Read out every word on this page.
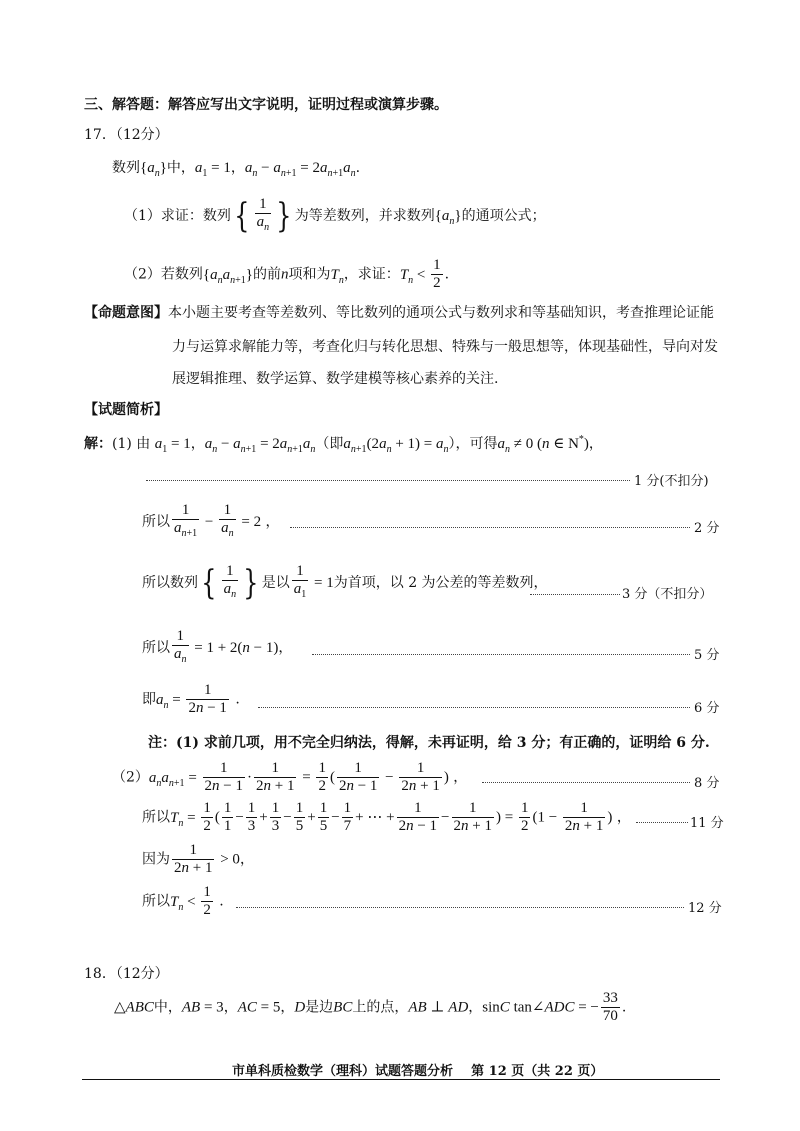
三、解答题：解答应写出文字说明，证明过程或演算步骤。
17．（12分）
数列$\{a_n\}$中，$a_1 = 1$，$a_n - a_{n+1} = 2a_{n+1}a_n$.
（1）求证：数列{ $\frac{1}{a_n}$ } 为等差数列，并求数列$\{a_n\}$的通项公式；
（2）若数列$\{a_na_{n+1}\}$的前n项和为$T_n$，求证：$T_n < \frac{1}{2}$ .
【命题意图】本小题主要考查等差数列、等比数列的通项公式与数列求和等基础知识，考查推理论证能
力与运算求解能力等，考查化归与转化思想、特殊与一般思想等，体现基础性，导向对发
展逻辑推理、数学运算、数学建模等核心素养的关注.
【试题简析】
解：(1) 由 $a_1 = 1$，$a_n - a_{n+1} = 2a_{n+1}a_n$（即$a_{n+1}(2a_n + 1) = a_n$），可得$a_n \ne 0$ (n ∈ N*)，
1 分(不扣分)
所以 $\frac{1}{a_{n+1}} - \frac{1}{a_n} = 2$ ，	2 分
所以数列{ $\frac{1}{a_n}$ } 是以 $\frac{1}{a_1} = 1$为首项，以 2 为公差的等差数列，
3 分（不扣分）
所以 $\frac{1}{a_n} = 1 + 2(n - 1)$，	5 分
即$a_n = \frac{1}{2n - 1}$ .
6 分
注：(1) 求前几项，用不完全归纳法，得解，未再证明，给 3 分；有正确的，证明给 6 分.
$(2)a_na_{n+1} = \frac{1}{2n - 1} \cdot \frac{1}{2n + 1} = \frac{1}{2}$ ( $\frac{1}{2n - 1} - \frac{1}{2n + 1}$ ) ，	8 分
所以$T_n = \frac{1}{2}$ ( $\frac{1}{1} - \frac{1}{3} + \frac{1}{3} - \frac{1}{5} + \frac{1}{5} - \frac{1}{7}$ + ⋯ + $\frac{1}{2n - 1} - \frac{1}{2n + 1}$ ) = $\frac{1}{2} (1 - \frac{1}{2n + 1}$ ) ，	11 分
因为 $\frac{1}{2n + 1} > 0$，
所以$T_n < \frac{1}{2}$ .	12 分
18．（12分）
△ABC中，AB = 3，AC = 5，D是边BC上的点，AB ⊥ AD，sinC tan∠ADC = − $\frac{33}{70}$ .
市单科质检数学（理科）试题答题分析 第 12 页（共 22 页）
